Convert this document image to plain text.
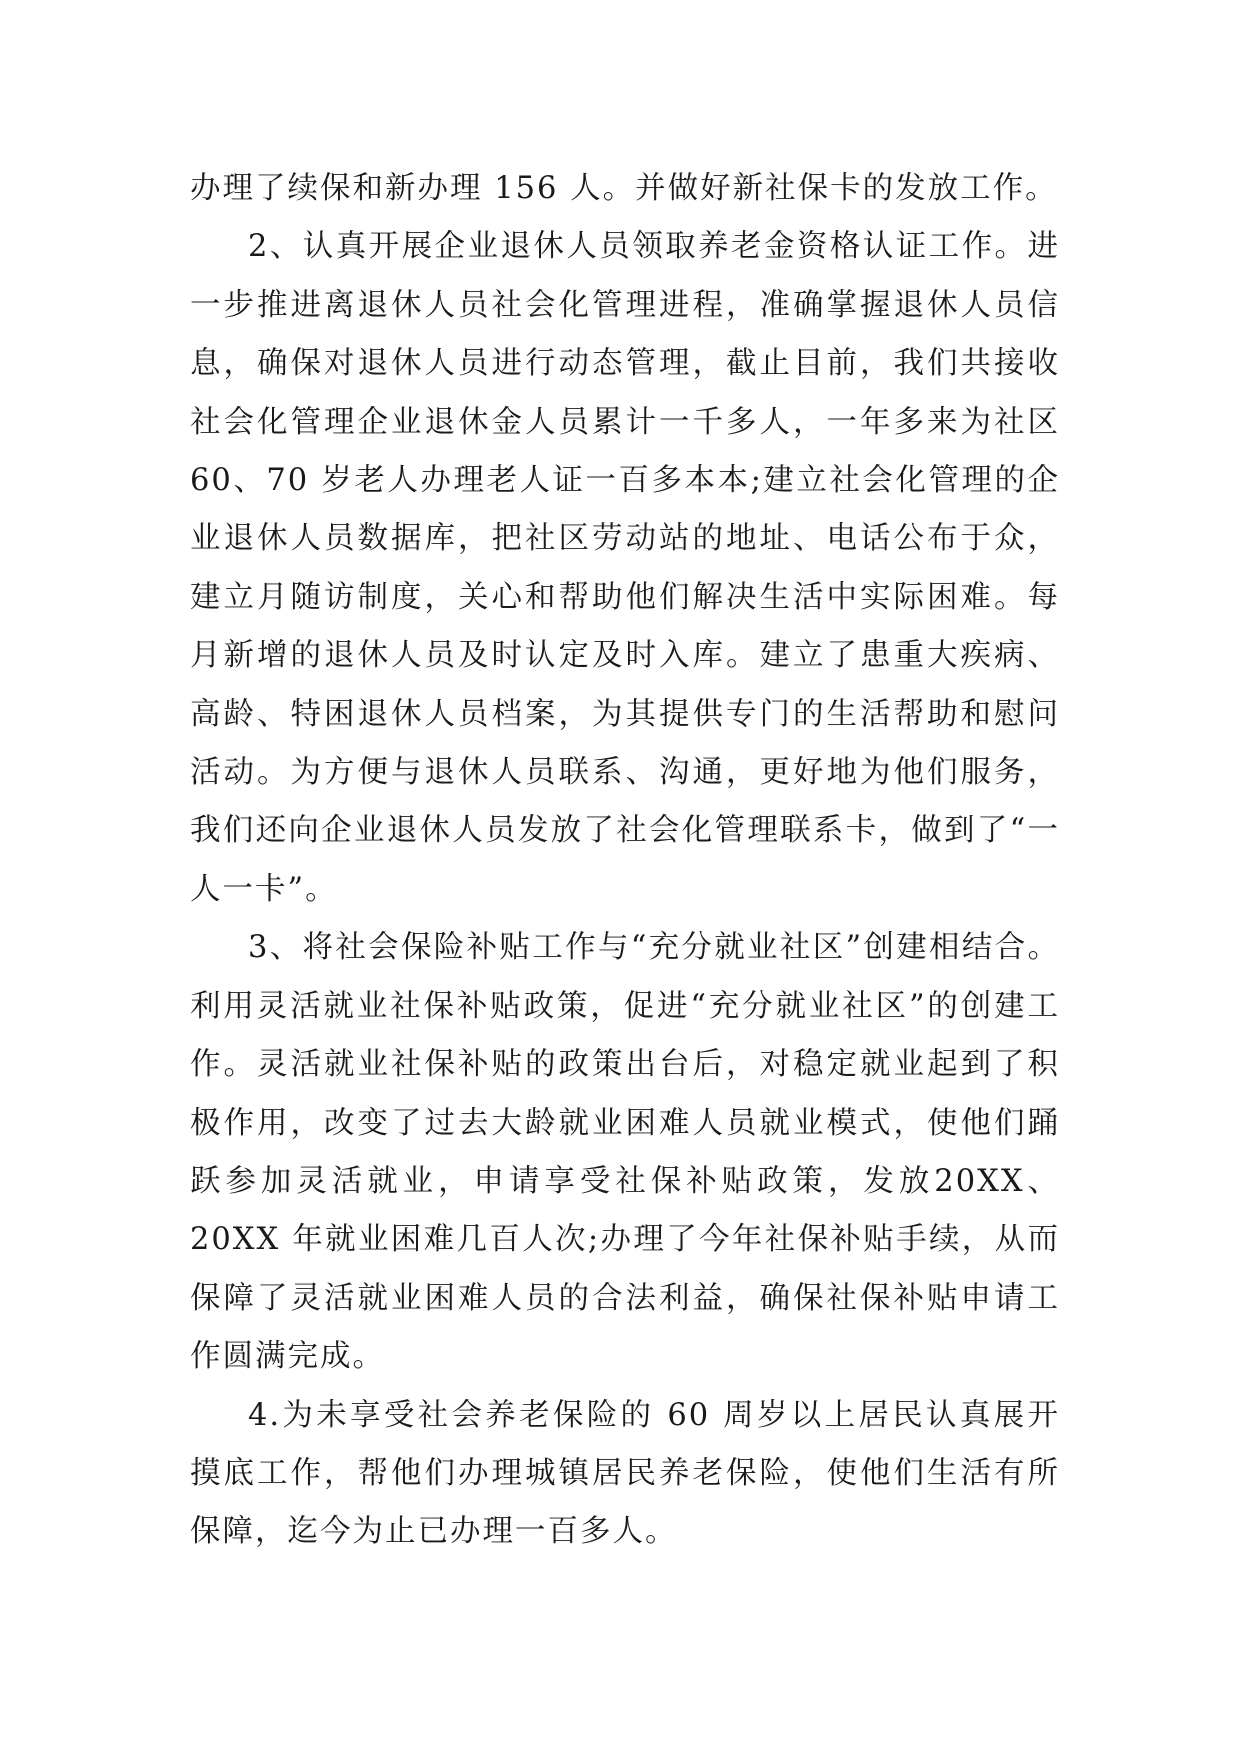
办理了续保和新办理 156 人。并做好新社保卡的发放工作。

2、认真开展企业退休人员领取养老金资格认证工作。进一步推进离退休人员社会化管理进程，准确掌握退休人员信息，确保对退休人员进行动态管理，截止目前，我们共接收社会化管理企业退休金人员累计一千多人，一年多来为社区 60、70 岁老人办理老人证一百多本本;建立社会化管理的企业退休人员数据库，把社区劳动站的地址、电话公布于众，建立月随访制度，关心和帮助他们解决生活中实际困难。每月新增的退休人员及时认定及时入库。建立了患重大疾病、高龄、特困退休人员档案，为其提供专门的生活帮助和慰问活动。为方便与退休人员联系、沟通，更好地为他们服务，我们还向企业退休人员发放了社会化管理联系卡，做到了“一人一卡”。

3、将社会保险补贴工作与“充分就业社区”创建相结合。利用灵活就业社保补贴政策，促进“充分就业社区”的创建工作。灵活就业社保补贴的政策出台后，对稳定就业起到了积极作用，改变了过去大龄就业困难人员就业模式，使他们踊跃参加灵活就业，申请享受社保补贴政策，发放20XX、20XX 年就业困难几百人次;办理了今年社保补贴手续，从而保障了灵活就业困难人员的合法利益，确保社保补贴申请工作圆满完成。

4.为未享受社会养老保险的 60 周岁以上居民认真展开摸底工作，帮他们办理城镇居民养老保险，使他们生活有所保障，迄今为止已办理一百多人。
